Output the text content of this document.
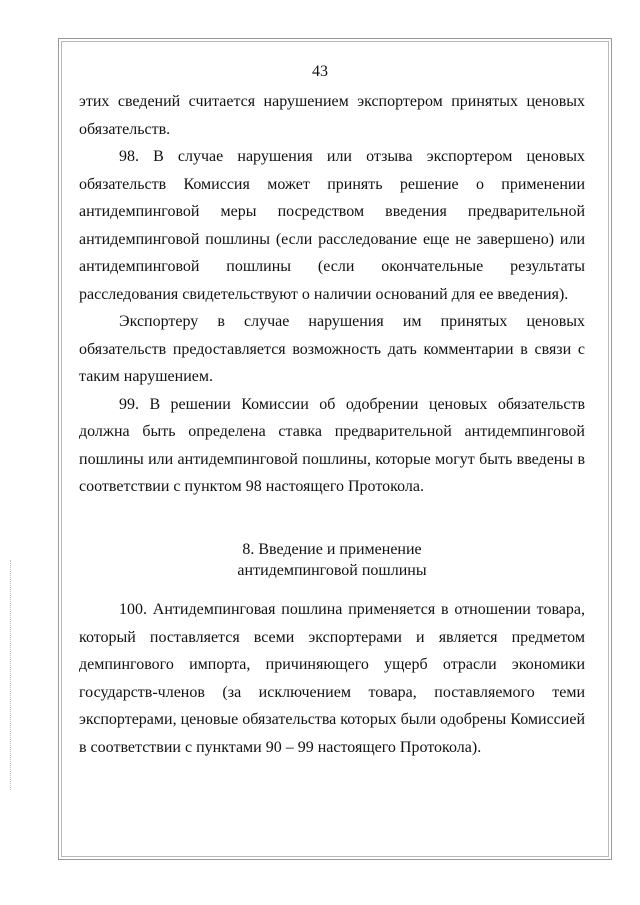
43

этих сведений считается нарушением экспортером принятых ценовых обязательств.

98. В случае нарушения или отзыва экспортером ценовых обязательств Комиссия может принять решение о применении антидемпинговой меры посредством введения предварительной антидемпинговой пошлины (если расследование еще не завершено) или антидемпинговой пошлины (если окончательные результаты расследования свидетельствуют о наличии оснований для ее введения).

Экспортеру в случае нарушения им принятых ценовых обязательств предоставляется возможность дать комментарии в связи с таким нарушением.

99. В решении Комиссии об одобрении ценовых обязательств должна быть определена ставка предварительной антидемпинговой пошлины или антидемпинговой пошлины, которые могут быть введены в соответствии с пунктом 98 настоящего Протокола.

8. Введение и применение
антидемпинговой пошлины

100. Антидемпинговая пошлина применяется в отношении товара, который поставляется всеми экспортерами и является предметом демпингового импорта, причиняющего ущерб отрасли экономики государств-членов (за исключением товара, поставляемого теми экспортерами, ценовые обязательства которых были одобрены Комиссией в соответствии с пунктами 90 – 99 настоящего Протокола).
